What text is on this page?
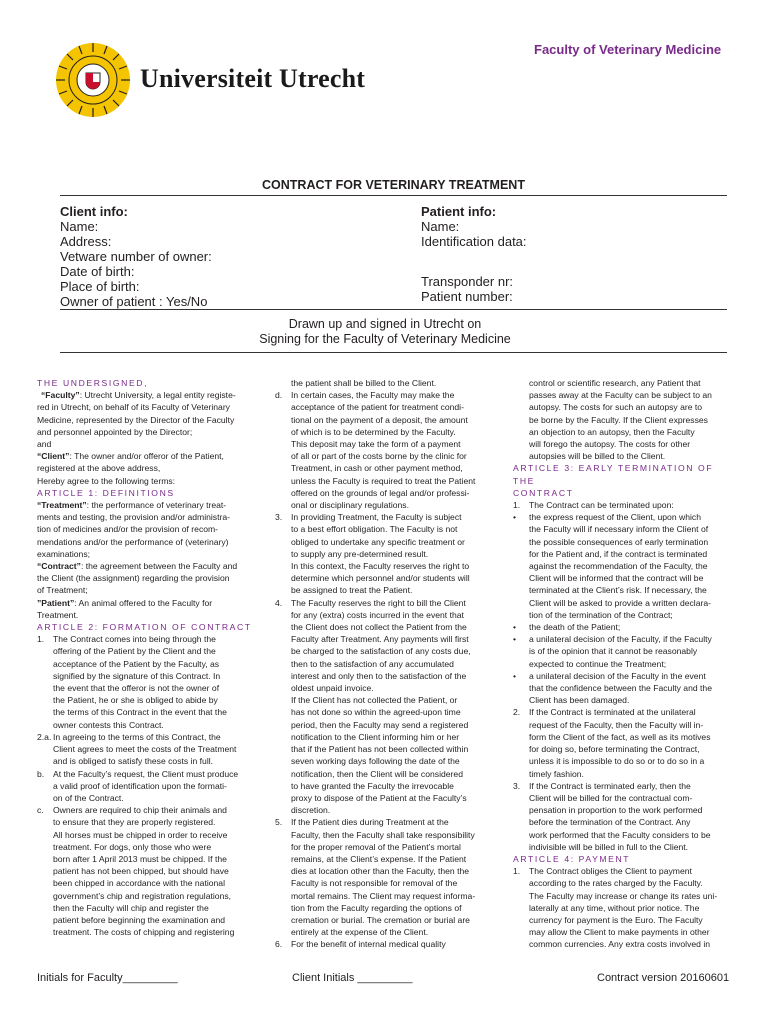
Faculty of Veterinary Medicine
Universiteit Utrecht
CONTRACT FOR VETERINARY TREATMENT
Client info:
Name:
Address:
Vetware number of owner:
Date of birth:
Place of birth:
Owner of patient : Yes/No
Patient info:
Name:
Identification data:
Transponder nr:
Patient number:
Drawn up and signed in Utrecht on
Signing for the Faculty of Veterinary Medicine

THE UNDERSIGNED,

“Faculty”: Utrecht University, a legal entity registe-

red in Utrecht, on behalf of its Faculty of Veterinary

Medicine, represented by the Director of the Faculty

and personnel appointed by the Director;

and

“Client”: The owner and/or offeror of the Patient,

registered at the above address,

Hereby agree to the following terms:

ARTICLE 1: DEFINITIONS

“Treatment”: the performance of veterinary treat-

ments and testing, the provision and/or administra-

tion of medicines and/or the provision of recom-

mendations and/or the performance of (veterinary)

examinations;

“Contract”: the agreement between the Faculty and

the Client (the assignment) regarding the provision

of Treatment;

”Patient”: An animal offered to the Faculty for

Treatment.

ARTICLE 2: FORMATION OF CONTRACT

1. The Contract comes into being through the

offering of the Patient by the Client and the

acceptance of the Patient by the Faculty, as

signified by the signature of this Contract. In

the event that the offeror is not the owner of

the Patient, he or she is obliged to abide by

the terms of this Contract in the event that the

owner contests this Contract.

2.a. In agreeing to the terms of this Contract, the

Client agrees to meet the costs of the Treatment

and is obliged to satisfy these costs in full.

b. At the Faculty’s request, the Client must produce

a valid proof of identification upon the formati-

on of the Contract.

c. Owners are required to chip their animals and

to ensure that they are properly registered.

All horses must be chipped in order to receive

treatment. For dogs, only those who were

born after 1 April 2013 must be chipped. If the

patient has not been chipped, but should have

been chipped in accordance with the national

government’s chip and registration regulations,

then the Faculty will chip and register the

patient before beginning the examination and

treatment. The costs of chipping and registering

the patient shall be billed to the Client.

d. In certain cases, the Faculty may make the

acceptance of the patient for treatment condi-

tional on the payment of a deposit, the amount

of which is to be determined by the Faculty.

This deposit may take the form of a payment

of all or part of the costs borne by the clinic for

Treatment, in cash or other payment method,

unless the Faculty is required to treat the Patient

offered on the grounds of legal and/or professi-

onal or disciplinary regulations.

3. In providing Treatment, the Faculty is subject

to a best effort obligation. The Faculty is not

obliged to undertake any specific treatment or

to supply any pre-determined result.

In this context, the Faculty reserves the right to

determine which personnel and/or students will

be assigned to treat the Patient.

4. The Faculty reserves the right to bill the Client

for any (extra) costs incurred in the event that

the Client does not collect the Patient from the

Faculty after Treatment. Any payments will first

be charged to the satisfaction of any costs due,

then to the satisfaction of any accumulated

interest and only then to the satisfaction of the

oldest unpaid invoice.

If the Client has not collected the Patient, or

has not done so within the agreed-upon time

period, then the Faculty may send a registered

notification to the Client informing him or her

that if the Patient has not been collected within

seven working days following the date of the

notification, then the Client will be considered

to have granted the Faculty the irrevocable

proxy to dispose of the Patient at the Faculty’s

discretion.

5. If the Patient dies during Treatment at the

Faculty, then the Faculty shall take responsibility

for the proper removal of the Patient’s mortal

remains, at the Client’s expense. If the Patient

dies at location other than the Faculty, then the

Faculty is not responsible for removal of the

mortal remains. The Client may request informa-

tion from the Faculty regarding the options of

cremation or burial. The cremation or burial are

entirely at the expense of the Client.

6. For the benefit of internal medical quality

control or scientific research, any Patient that

passes away at the Faculty can be subject to an

autopsy. The costs for such an autopsy are to

be borne by the Faculty. If the Client expresses

an objection to an autopsy, then the Faculty

will forego the autopsy. The costs for other

autopsies will be billed to the Client.

ARTICLE 3: EARLY TERMINATION OF THE

CONTRACT

1. The Contract can be terminated upon:

• the express request of the Client, upon which

the Faculty will if necessary inform the Client of

the possible consequences of early termination

for the Patient and, if the contract is terminated

against the recommendation of the Faculty, the

Client will be informed that the contract will be

terminated at the Client’s risk. If necessary, the

Client will be asked to provide a written declara-

tion of the termination of the Contract;

• the death of the Patient;

• a unilateral decision of the Faculty, if the Faculty

is of the opinion that it cannot be reasonably

expected to continue the Treatment;

• a unilateral decision of the Faculty in the event

that the confidence between the Faculty and the

Client has been damaged.

2. If the Contract is terminated at the unilateral

request of the Faculty, then the Faculty will in-

form the Client of the fact, as well as its motives

for doing so, before terminating the Contract,

unless it is impossible to do so or to do so in a

timely fashion.

3. If the Contract is terminated early, then the

Client will be billed for the contractual com-

pensation in proportion to the work performed

before the termination of the Contract. Any

work performed that the Faculty considers to be

indivisible will be billed in full to the Client.

ARTICLE 4: PAYMENT

1. The Contract obliges the Client to payment

according to the rates charged by the Faculty.

The Faculty may increase or change its rates uni-

laterally at any time, without prior notice. The

currency for payment is the Euro. The Faculty

may allow the Client to make payments in other

common currencies. Any extra costs involved in

Initials for Faculty_________	Client Initials _________	Contract version 20160601
